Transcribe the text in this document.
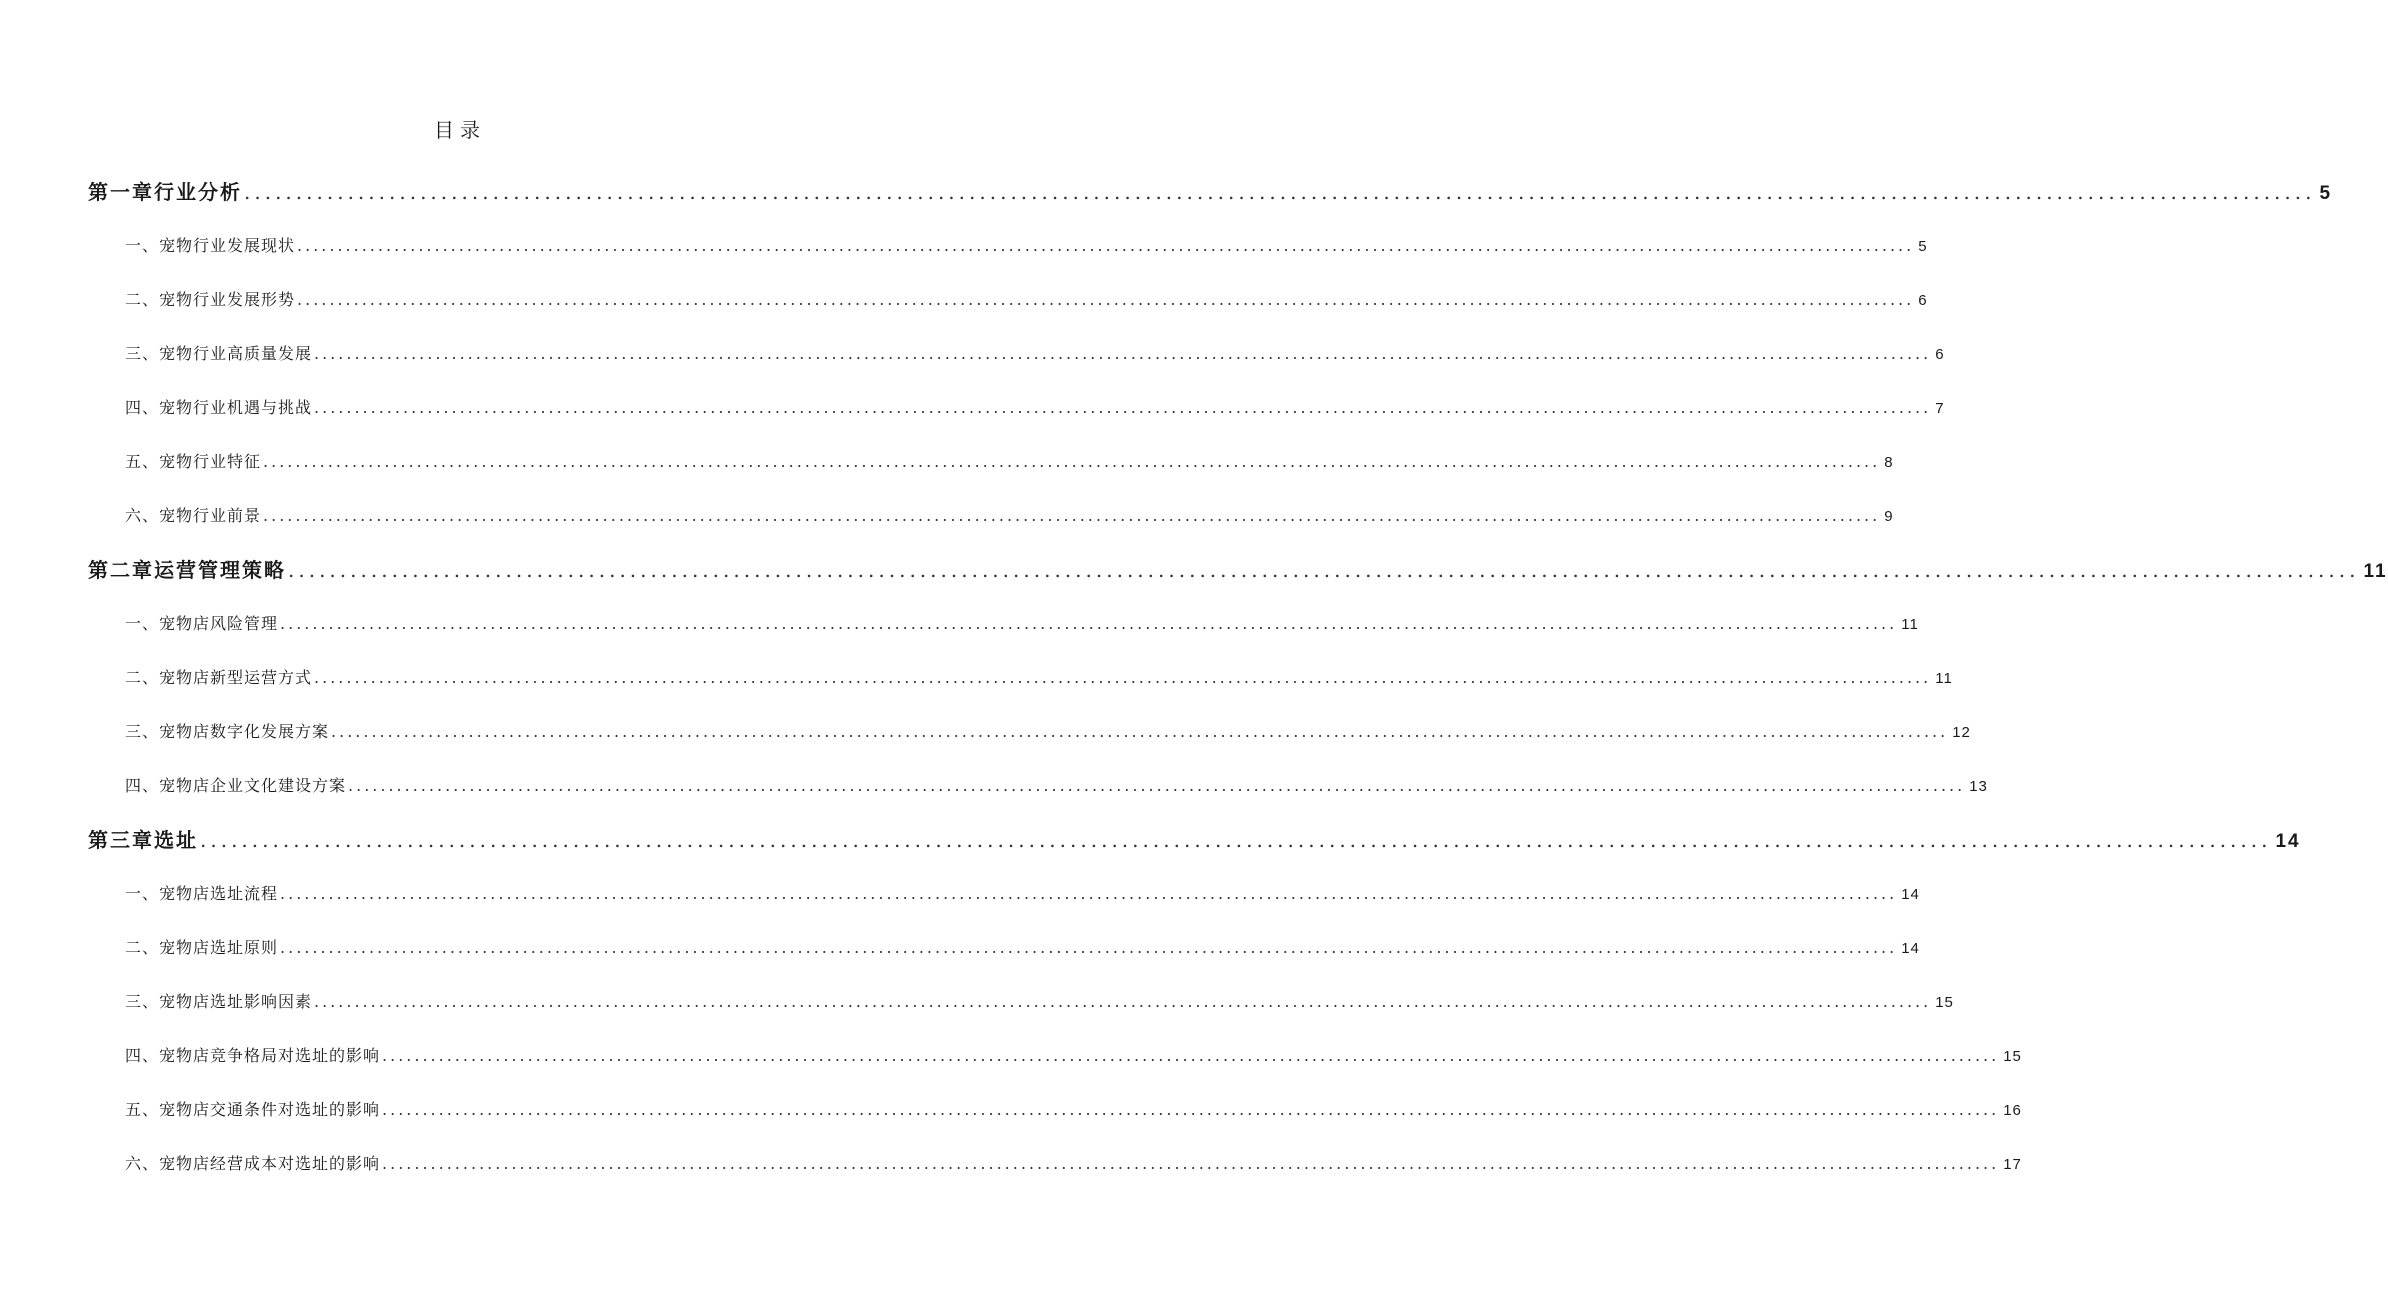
目录
第一章行业分析 ........................................................................................................................................................................................................ 5
一、 宠物行业发展现状 ........................................................................................................................................................................................................ 5
二、 宠物行业发展形势 ........................................................................................................................................................................................................ 6
三、 宠物行业高质量发展 ........................................................................................................................................................................................................ 6
四、 宠物行业机遇与挑战 ........................................................................................................................................................................................................ 7
五、 宠物行业特征 ........................................................................................................................................................................................................ 8
六、 宠物行业前景 ........................................................................................................................................................................................................ 9
第二章运营管理策略 ........................................................................................................................................................................................................ 11
一、 宠物店风险管理 ........................................................................................................................................................................................................ 11
二、 宠物店新型运营方式 ........................................................................................................................................................................................................ 11
三、 宠物店数字化发展方案 ........................................................................................................................................................................................................ 12
四、 宠物店企业文化建设方案 ........................................................................................................................................................................................................ 13
第三章选址 ........................................................................................................................................................................................................ 14
一、 宠物店选址流程 ........................................................................................................................................................................................................ 14
二、 宠物店选址原则 ........................................................................................................................................................................................................ 14
三、 宠物店选址影响因素 ........................................................................................................................................................................................................ 15
四、 宠物店竞争格局对选址的影响 ........................................................................................................................................................................................................ 15
五、 宠物店交通条件对选址的影响 ........................................................................................................................................................................................................ 16
六、 宠物店经营成本对选址的影响 ........................................................................................................................................................................................................ 17
